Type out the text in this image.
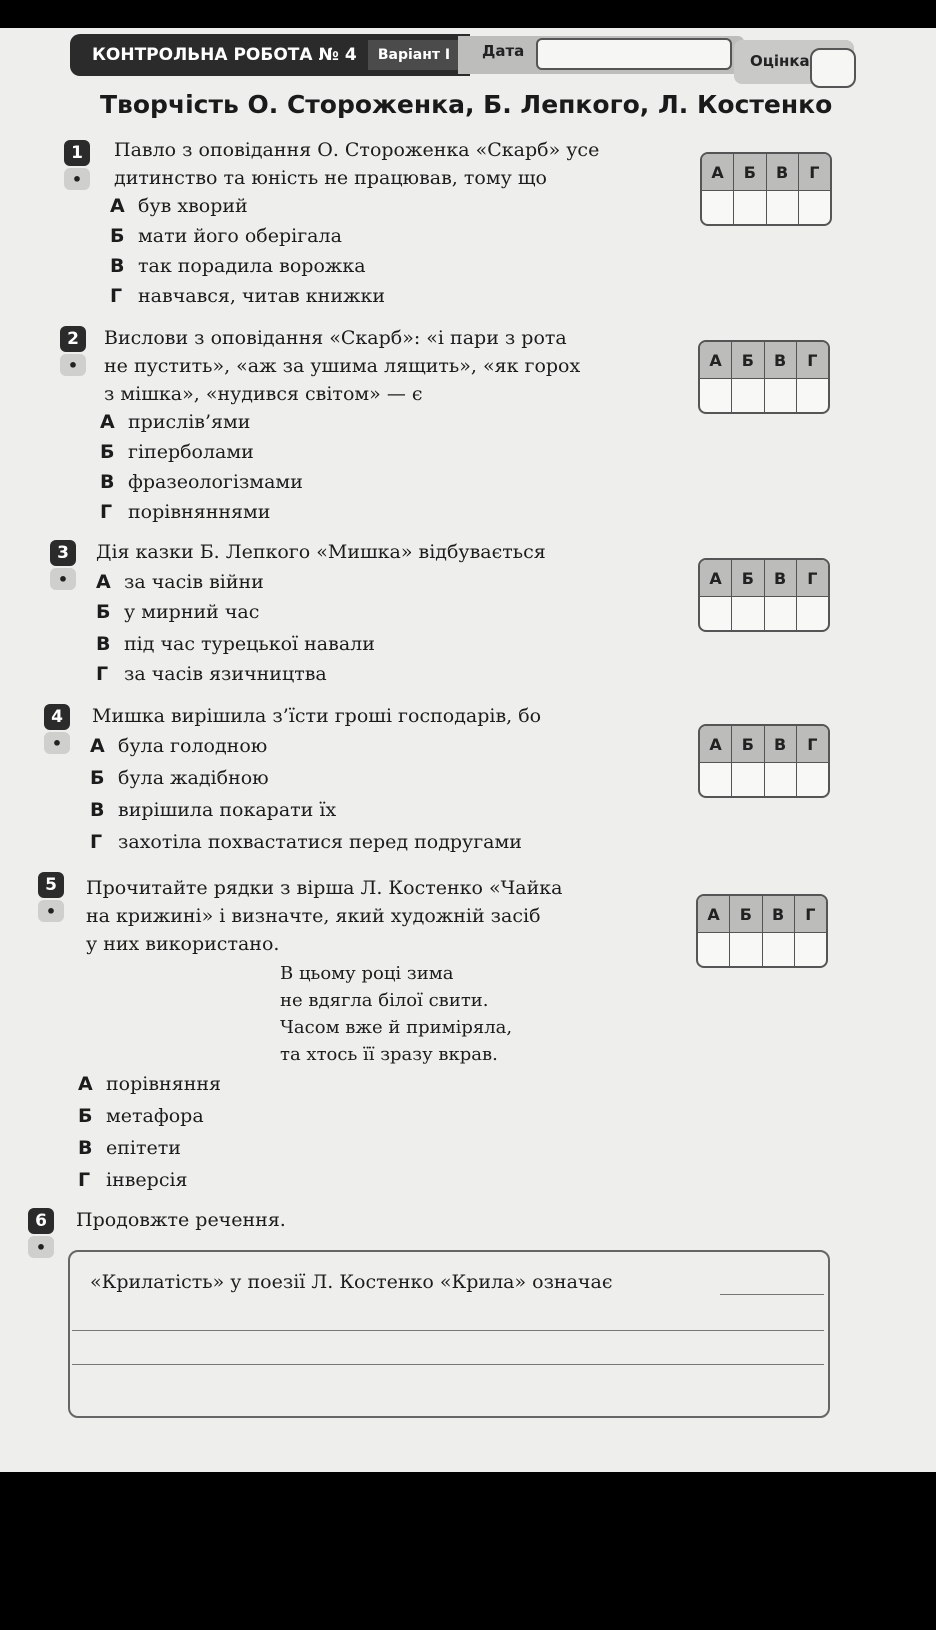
КОНТРОЛЬНА РОБОТА № 4	Варіант І	Дата
Оцінка
Творчість О. Стороженка, Б. Лепкого, Л. Костенко
1
•
Павло з оповідання О. Стороженка «Скарб» усе
дитинство та юність не працював, тому що
А був хворий
Б мати його оберігала
В так порадила ворожка
Г навчався, читав книжки
А	Б	В	Г
2
•
Вислови з оповідання «Скарб»: «і пари з рота
не пустить», «аж за ушима лящить», «як горох
з мішка», «нудився світом» — є
А прислів’ями
Б гіперболами
В фразеологізмами
Г порівняннями
А	Б	В	Г
3
•
Дія казки Б. Лепкого «Мишка» відбувається
А за часів війни
Б у мирний час
В під час турецької навали
Г за часів язичництва
А	Б	В	Г
4
•
Мишка вирішила з’їсти гроші господарів, бо
А була голодною
Б була жадібною
В вирішила покарати їх
Г захотіла похвастатися перед подругами
А	Б	В	Г
5
•
Прочитайте рядки з вірша Л. Костенко «Чайка
на крижині» і визначте, який художній засіб
у них використано.
А	Б	В	Г
В цьому році зима
не вдягла білої свити.
Часом вже й приміряла,
та хтось її зразу вкрав.
А порівняння
Б метафора
В епітети
Г інверсія
6
•
Продовжте речення.
«Крилатість» у поезії Л. Костенко «Крила» означає
